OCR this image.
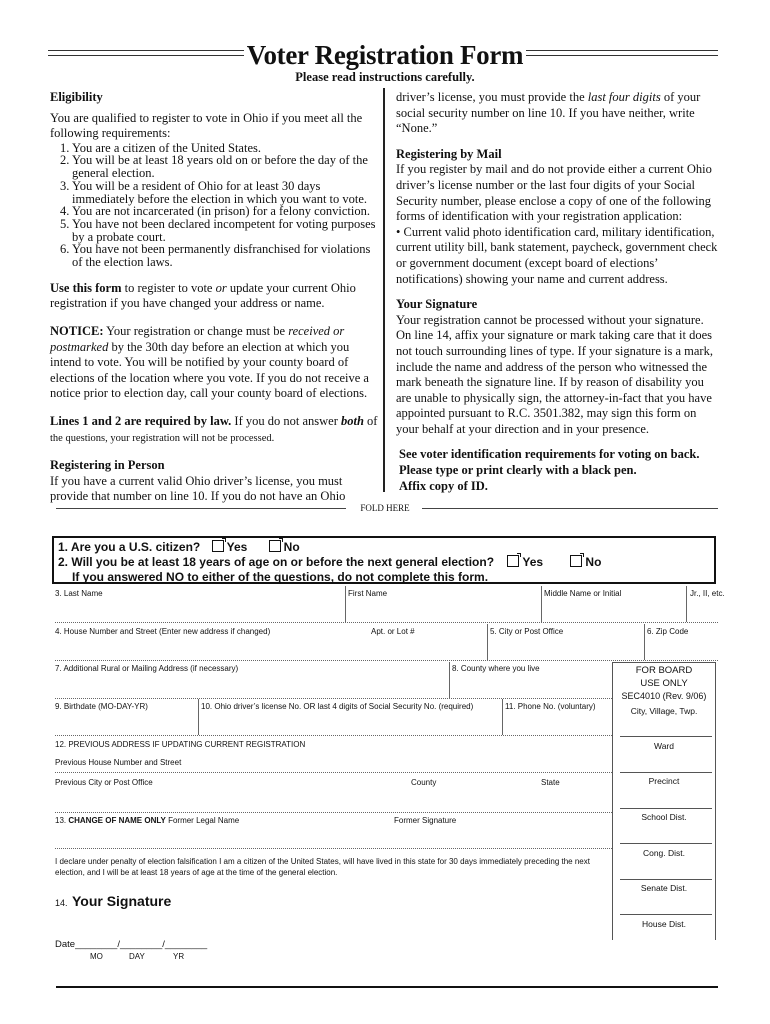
Voter Registration Form
Please read instructions carefully.
Eligibility

You are qualified to register to vote in Ohio if you meet all the following requirements:

1. You are a citizen of the United States.
2. You will be at least 18 years old on or before the day of the general election.
3. You will be a resident of Ohio for at least 30 days immediately before the election in which you want to vote.
4. You are not incarcerated (in prison) for a felony conviction.
5. You have not been declared incompetent for voting purposes by a probate court.
6. You have not been permanently disfranchised for violations of the election laws.

Use this form to register to vote or update your current Ohio registration if you have changed your address or name.

NOTICE: Your registration or change must be received or postmarked by the 30th day before an election at which you intend to vote. You will be notified by your county board of elections of the location where you vote. If you do not receive a notice prior to election day, call your county board of elections.

Lines 1 and 2 are required by law. If you do not answer both of
the questions, your registration will not be processed.

Registering in Person

If you have a current valid Ohio driver’s license, you must provide that number on line 10. If you do not have an Ohio

driver’s license, you must provide the last four digits of your social security number on line 10. If you have neither, write “None.”

Registering by Mail

If you register by mail and do not provide either a current Ohio driver’s license number or the last four digits of your Social Security number, please enclose a copy of one of the following forms of identification with your registration application:

• Current valid photo identification card, military identification, current utility bill, bank statement, paycheck, government check or government document (except board of elections’ notifications) showing your name and current address.

Your Signature

Your registration cannot be processed without your signature. On line 14, affix your signature or mark taking care that it does not touch surrounding lines of type. If your signature is a mark, include the name and address of the person who witnessed the mark beneath the signature line. If by reason of disability you are unable to physically sign, the attorney-in-fact that you have appointed pursuant to R.C. 3501.382, may sign this form on your behalf at your direction and in your presence.

See voter identification requirements for voting on back.
Please type or print clearly with a black pen.
Affix copy of ID.
FOLD HERE
1. Are you a U.S. citizen? Yes	No
2. Will you be at least 18 years of age on or before the next general election? Yes	No
If you answered NO to either of the questions, do not complete this form.
3. Last Name	First Name	Middle Name or Initial	Jr., II, etc.
4. House Number and Street (Enter new address if changed)	Apt. or Lot #	5. City or Post Office	6. Zip Code
7. Additional Rural or Mailing Address (if necessary)	8. County where you live
9. Birthdate (MO-DAY-YR)	10. Ohio driver’s license No. OR last 4 digits of Social Security No. (required)	11. Phone No. (voluntary)
12. PREVIOUS ADDRESS IF UPDATING CURRENT REGISTRATION
Previous House Number and Street
Previous City or Post Office	County	State
13. CHANGE OF NAME ONLY Former Legal Name	Former Signature
I declare under penalty of election falsification I am a citizen of the United States, will have lived in this state for 30 days immediately preceding the next election, and I will be at least 18 years of age at the time of the general election.
14. Your Signature
Date________/________/________
MO	DAY	YR
FOR BOARD
USE ONLY
SEC4010 (Rev. 9/06)
City, Village, Twp.
Ward
Precinct
School Dist.
Cong. Dist.
Senate Dist.
House Dist.
